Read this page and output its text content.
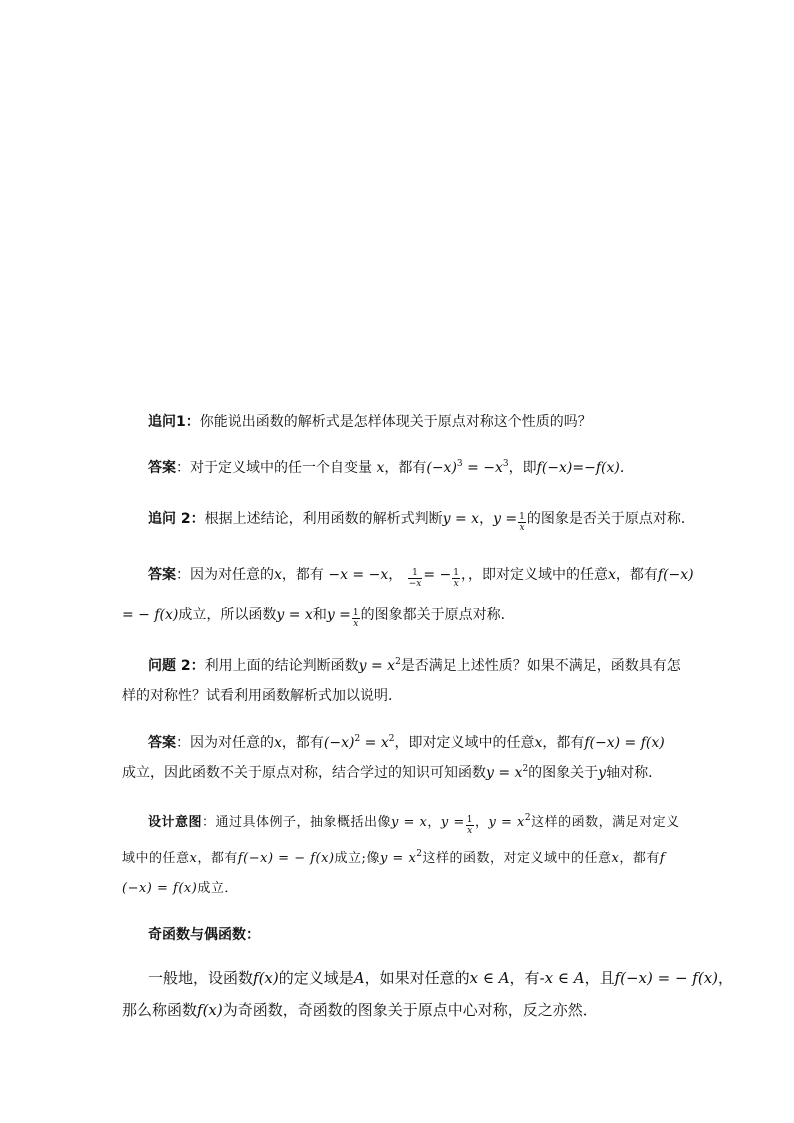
追问1：你能说出函数的解析式是怎样体现关于原点对称这个性质的吗？
答案：对于定义域中的任一个自变量 x，都有$(-x)^3 = -x^3$，即f(−x)=−f(x)．
追问 2：根据上述结论，利用函数的解析式判断y = x，$y = \frac{1}{x}$ 的图象是否关于原点对称．
答案：因为对任意的x，都有 −x = −x， $\frac{1}{-x}$ = − $\frac{1}{x}$ ，，即对定义域中的任意x，都有f(−x)
= − f(x)成立，所以函数y = x和$y = \frac{1}{x}$ 的图象都关于原点对称．
问题 2：利用上面的结论判断函数$y = x^2$是否满足上述性质？如果不满足，函数具有怎
样的对称性？试看利用函数解析式加以说明．
答案：因为对任意的x，都有$(-x)^2 = x^2$，即对定义域中的任意x，都有f(−x) = f(x)
成立，因此函数不关于原点对称，结合学过的知识可知函数$y = x^2$的图象关于y轴对称．
设计意图：通过具体例子，抽象概括出像y = x，$y = \frac{1}{x}$ ，$y = x^2$这样的函数，满足对定义
域中的任意x，都有f(−x) = − f(x)成立;像$y = x^2$这样的函数，对定义域中的任意x，都有f
(−x) = f(x)成立．
奇函数与偶函数：
一般地，设函数f(x)的定义域是A，如果对任意的x ∈ A，有-x ∈ A，且f(−x) = − f(x)，
那么称函数f(x)为奇函数，奇函数的图象关于原点中心对称，反之亦然．
